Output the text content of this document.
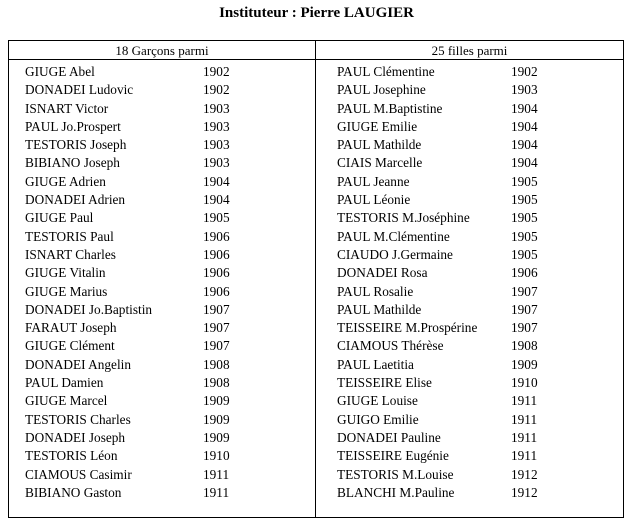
Instituteur : Pierre LAUGIER
18 Garçons parmi	25 filles parmi
GIUGE Abel	1902
DONADEI Ludovic	1902
ISNART Victor	1903
PAUL Jo.Prospert	1903
TESTORIS Joseph	1903
BIBIANO Joseph	1903
GIUGE Adrien	1904
DONADEI Adrien	1904
GIUGE Paul	1905
TESTORIS Paul	1906
ISNART Charles	1906
GIUGE Vitalin	1906
GIUGE Marius	1906
DONADEI Jo.Baptistin	1907
FARAUT Joseph	1907
GIUGE Clément	1907
DONADEI Angelin	1908
PAUL Damien	1908
GIUGE Marcel	1909
TESTORIS Charles	1909
DONADEI Joseph	1909
TESTORIS Léon	1910
CIAMOUS Casimir	1911
BIBIANO Gaston	1911
PAUL Clémentine	1902
PAUL Josephine	1903
PAUL M.Baptistine	1904
GIUGE Emilie	1904
PAUL Mathilde	1904
CIAIS Marcelle	1904
PAUL Jeanne	1905
PAUL Léonie	1905
TESTORIS M.Joséphine	1905
PAUL M.Clémentine	1905
CIAUDO J.Germaine	1905
DONADEI Rosa	1906
PAUL Rosalie	1907
PAUL Mathilde	1907
TEISSEIRE M.Prospérine	1907
CIAMOUS Thérèse	1908
PAUL Laetitia	1909
TEISSEIRE Elise	1910
GIUGE Louise	1911
GUIGO Emilie	1911
DONADEI Pauline	1911
TEISSEIRE Eugénie	1911
TESTORIS M.Louise	1912
BLANCHI M.Pauline	1912
